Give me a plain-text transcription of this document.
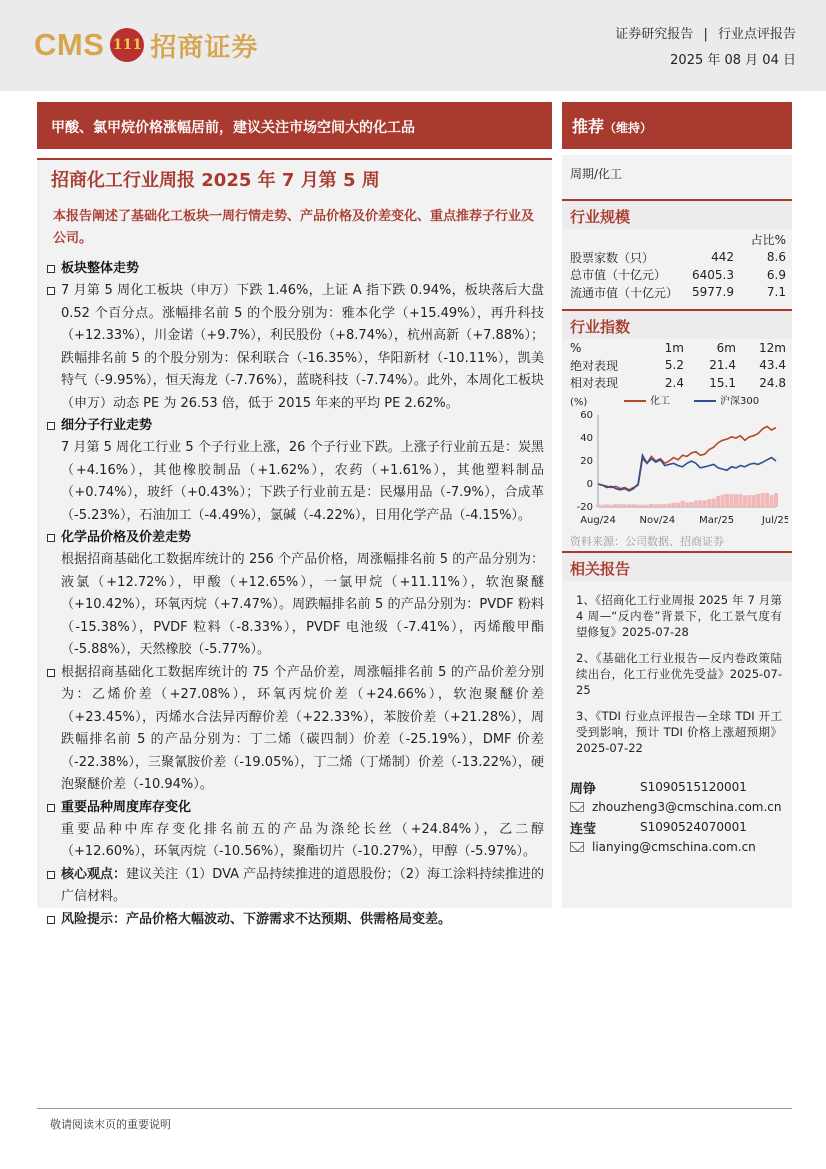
CMS 111 招商证券	证券研究报告 | 行业点评报告
2025 年 08 月 04 日
甲酸、氯甲烷价格涨幅居前，建议关注市场空间大的化工品
招商化工行业周报 2025 年 7 月第 5 周
本报告阐述了基础化工板块一周行情走势、产品价格及价差变化、重点推荐子行业及公司。
板块整体走势
7 月第 5 周化工板块（申万）下跌 1.46%，上证 A 指下跌 0.94%，板块落后大盘 0.52 个百分点。涨幅排名前 5 的个股分别为：雅本化学（+15.49%），再升科技（+12.33%），川金诺（+9.7%），利民股份（+8.74%），杭州高新（+7.88%）；跌幅排名前 5 的个股分别为：保利联合（-16.35%），华阳新材（-10.11%），凯美特气（-9.95%），恒天海龙（-7.76%），蓝晓科技（-7.74%）。此外，本周化工板块（申万）动态 PE 为 26.53 倍，低于 2015 年来的平均 PE 2.62%。
细分子行业走势
7 月第 5 周化工行业 5 个子行业上涨，26 个子行业下跌。上涨子行业前五是：炭黑（+4.16%），其他橡胶制品（+1.62%），农药（+1.61%），其他塑料制品（+0.74%），玻纤（+0.43%）；下跌子行业前五是：民爆用品（-7.9%），合成革（-5.23%），石油加工（-4.49%），氯碱（-4.22%），日用化学产品（-4.15%）。
化学品价格及价差走势
根据招商基础化工数据库统计的 256 个产品价格，周涨幅排名前 5 的产品分别为：液氯（+12.72%），甲酸（+12.65%），一氯甲烷（+11.11%），软泡聚醚（+10.42%），环氧丙烷（+7.47%）。周跌幅排名前 5 的产品分别为：PVDF 粉料（-15.38%），PVDF 粒料（-8.33%），PVDF 电池级（-7.41%），丙烯酸甲酯（-5.88%），天然橡胶（-5.77%）。
根据招商基础化工数据库统计的 75 个产品价差，周涨幅排名前 5 的产品价差分别为：乙烯价差（+27.08%），环氧丙烷价差（+24.66%），软泡聚醚价差（+23.45%），丙烯水合法异丙醇价差（+22.33%），苯胺价差（+21.28%），周跌幅排名前 5 的产品分别为：丁二烯（碳四制）价差（-25.19%），DMF 价差（-22.38%），三聚氰胺价差（-19.05%），丁二烯（丁烯制）价差（-13.22%），硬泡聚醚价差（-10.94%）。
重要品种周度库存变化
重要品种中库存变化排名前五的产品为涤纶长丝（+24.84%），乙二醇（+12.60%），环氧丙烷（-10.56%），聚酯切片（-10.27%），甲醇（-5.97%）。
核心观点：建议关注（1）DVA 产品持续推进的道恩股份；（2）海工涂料持续推进的广信材料。
风险提示：产品价格大幅波动、下游需求不达预期、供需格局变差。
推荐（维持）
周期/化工
行业规模
占比%
股票家数（只）	442	8.6
总市值（十亿元）	6405.3	6.9
流通市值（十亿元）	5977.9	7.1
行业指数
%	1m	6m	12m
绝对表现	5.2	21.4	43.4
相对表现	2.4	15.1	24.8
(%)
60
40
20
0
-20
Aug/24 Nov/24 Mar/25	Jul/25
化工	沪深300
资料来源：公司数据、招商证券
相关报告
1、《招商化工行业周报 2025 年 7 月第 4 周—“反内卷”背景下，化工景气度有望修复》2025-07-28
2、《基础化工行业报告—反内卷政策陆续出台，化工行业优先受益》2025-07-25
3、《TDI 行业点评报告—全球 TDI 开工受到影响，预计 TDI 价格上涨超预期》2025-07-22
周铮	S1090515120001
zhouzheng3@cmschina.com.cn
连莹	S1090524070001
lianying@cmschina.com.cn
敬请阅读末页的重要说明
